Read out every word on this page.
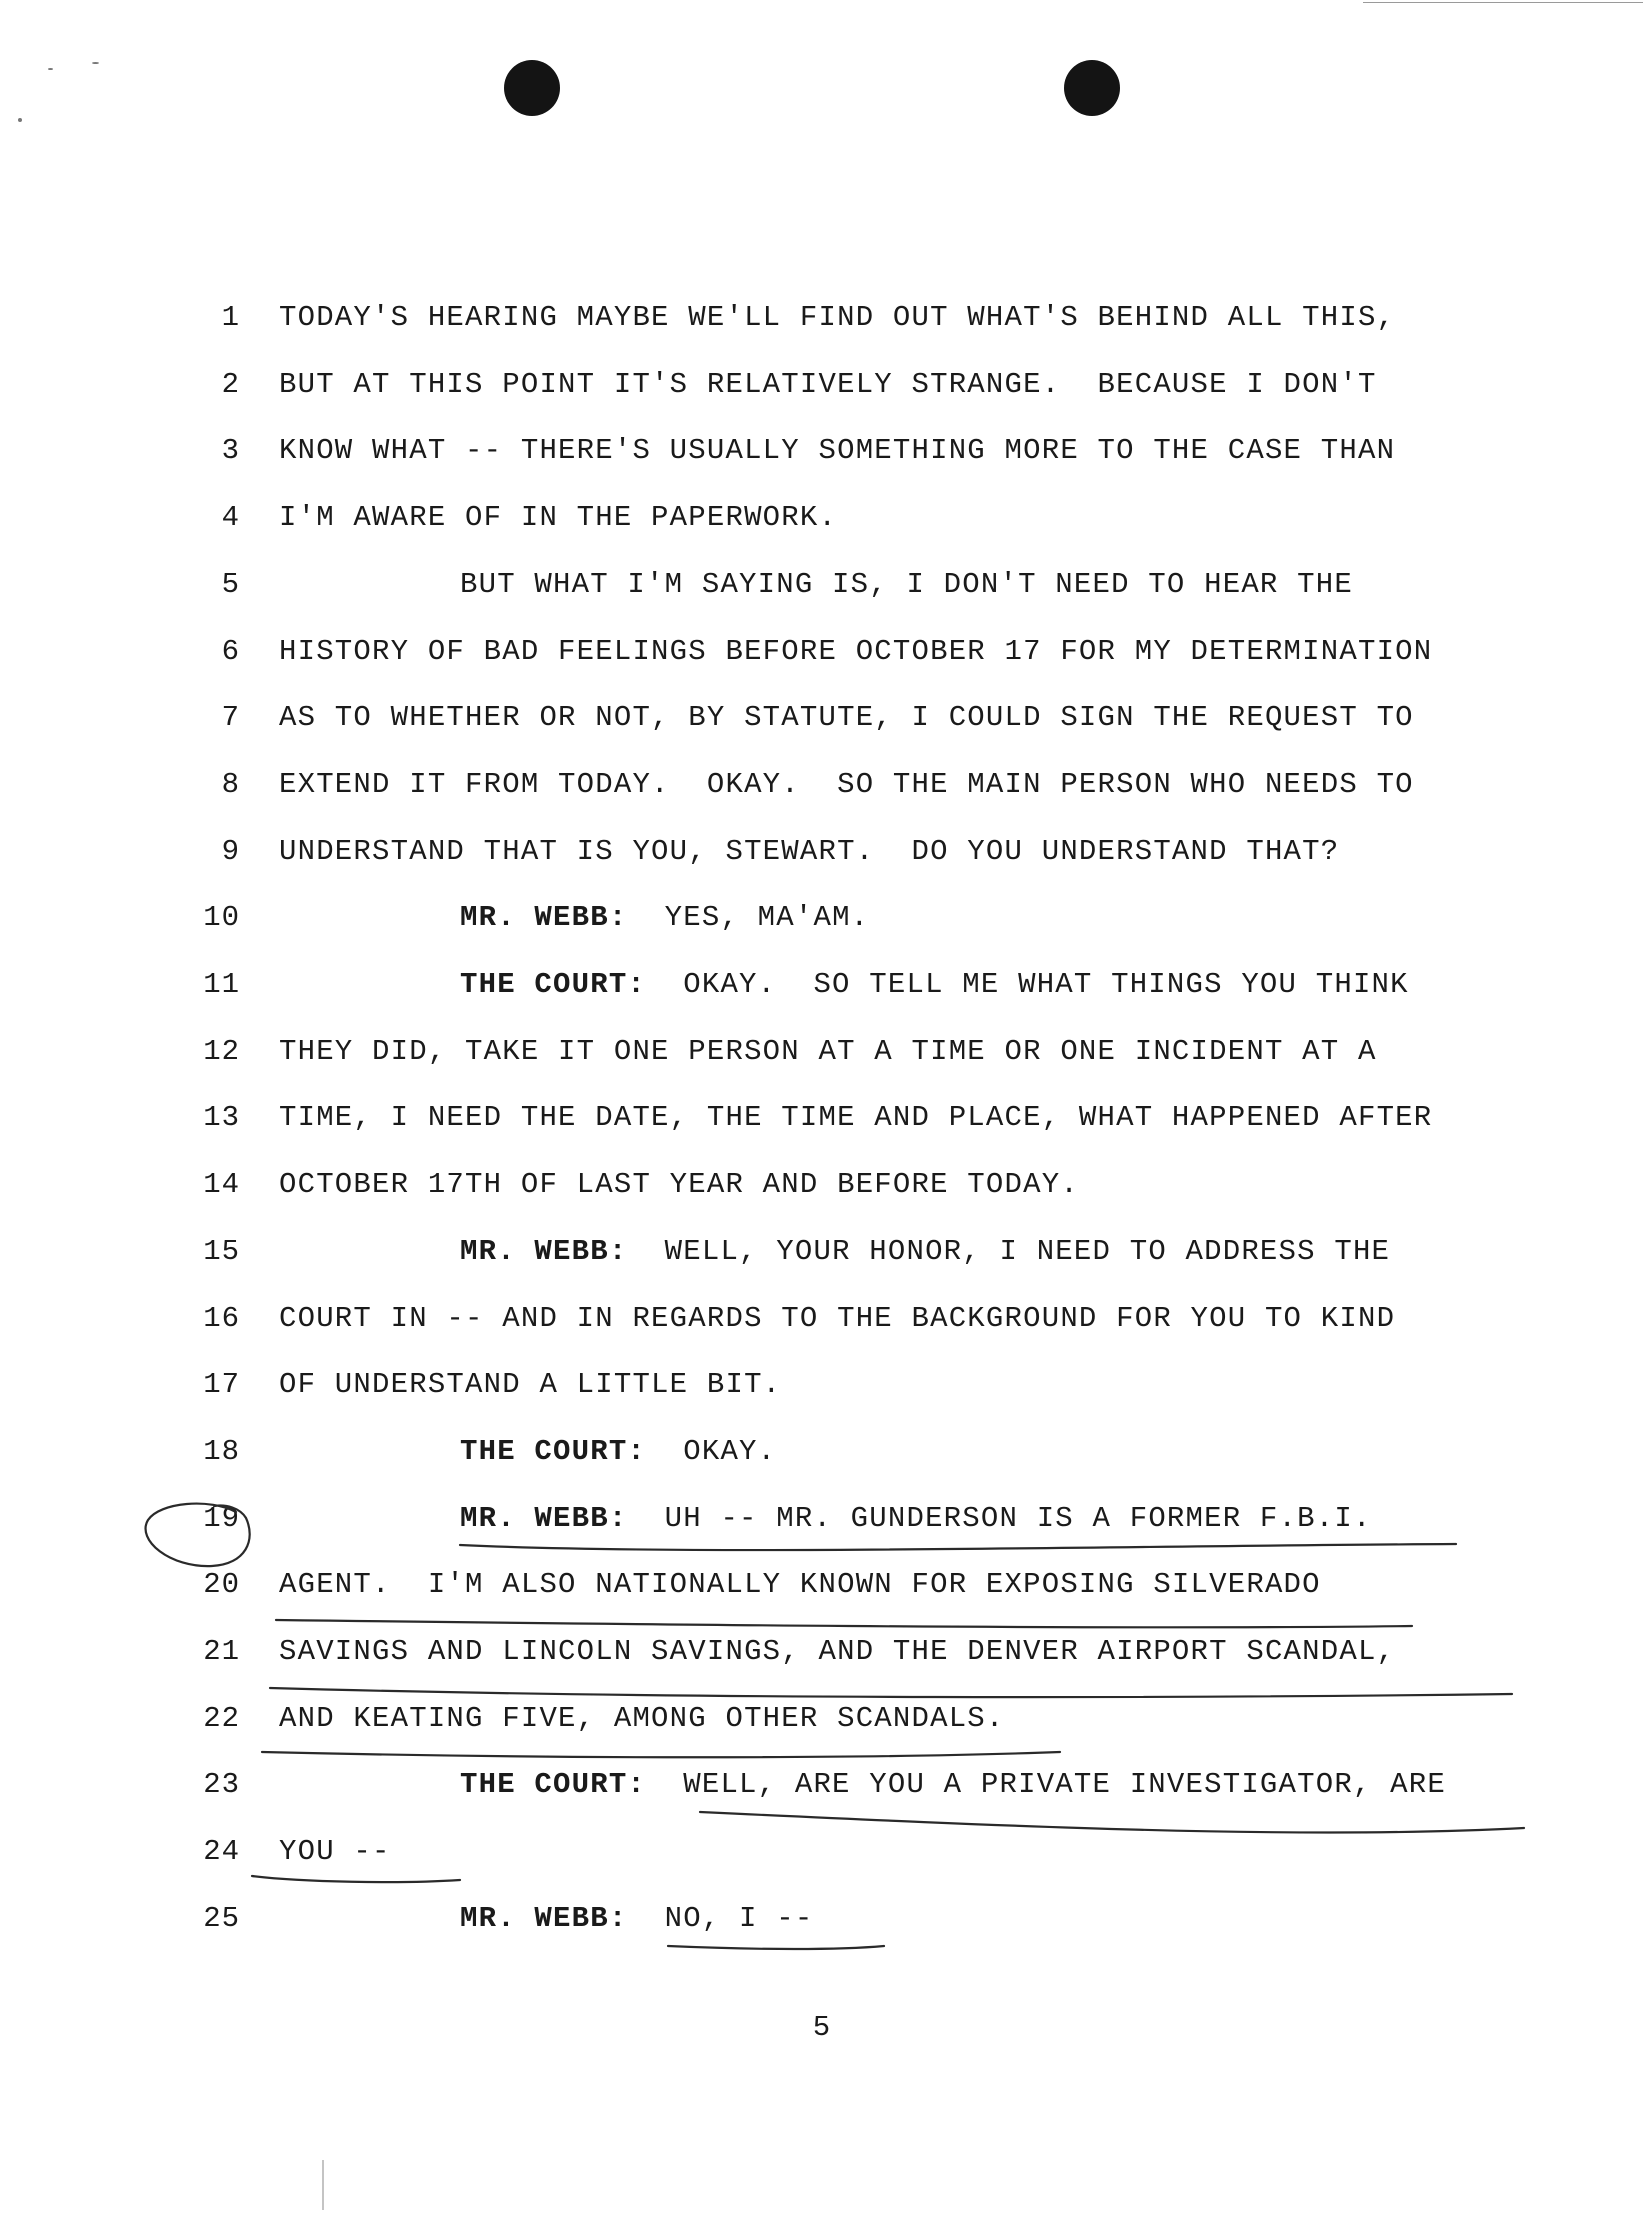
1 TODAY'S HEARING MAYBE WE'LL FIND OUT WHAT'S BEHIND ALL THIS,
2 BUT AT THIS POINT IT'S RELATIVELY STRANGE.  BECAUSE I DON'T
3 KNOW WHAT -- THERE'S USUALLY SOMETHING MORE TO THE CASE THAN
4 I'M AWARE OF IN THE PAPERWORK.
5	BUT WHAT I'M SAYING IS, I DON'T NEED TO HEAR THE
6 HISTORY OF BAD FEELINGS BEFORE OCTOBER 17 FOR MY DETERMINATION
7 AS TO WHETHER OR NOT, BY STATUTE, I COULD SIGN THE REQUEST TO
8 EXTEND IT FROM TODAY.  OKAY.  SO THE MAIN PERSON WHO NEEDS TO
9 UNDERSTAND THAT IS YOU, STEWART.  DO YOU UNDERSTAND THAT?
10	MR. WEBB:  YES, MA'AM.
11	THE COURT:  OKAY.  SO TELL ME WHAT THINGS YOU THINK
12 THEY DID, TAKE IT ONE PERSON AT A TIME OR ONE INCIDENT AT A
13 TIME, I NEED THE DATE, THE TIME AND PLACE, WHAT HAPPENED AFTER
14 OCTOBER 17TH OF LAST YEAR AND BEFORE TODAY.
15	MR. WEBB:  WELL, YOUR HONOR, I NEED TO ADDRESS THE
16 COURT IN -- AND IN REGARDS TO THE BACKGROUND FOR YOU TO KIND
17 OF UNDERSTAND A LITTLE BIT.
18	THE COURT:  OKAY.
19	MR. WEBB:  UH -- MR. GUNDERSON IS A FORMER F.B.I.
20 AGENT.  I'M ALSO NATIONALLY KNOWN FOR EXPOSING SILVERADO
21 SAVINGS AND LINCOLN SAVINGS, AND THE DENVER AIRPORT SCANDAL,
22 AND KEATING FIVE, AMONG OTHER SCANDALS.
23	THE COURT:  WELL, ARE YOU A PRIVATE INVESTIGATOR, ARE
24 YOU --
25	MR. WEBB:  NO, I --
5
